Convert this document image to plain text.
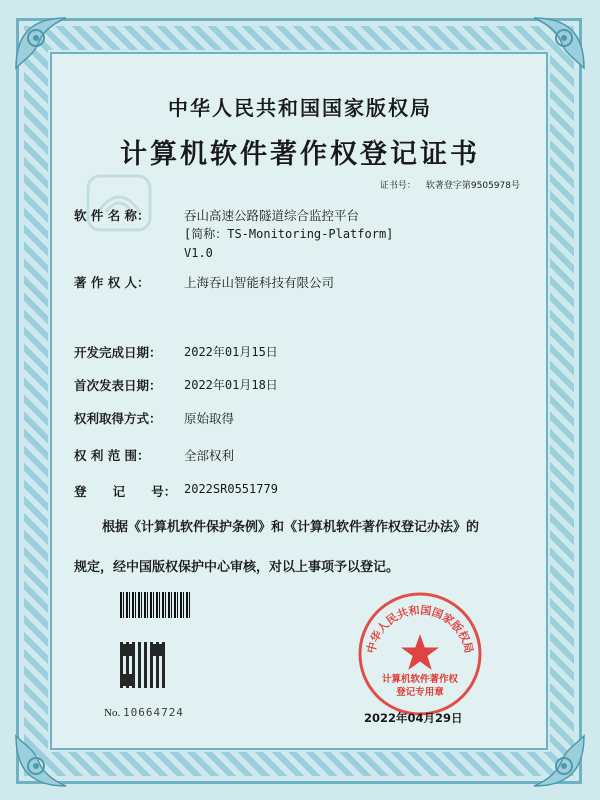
中华人民共和国国家版权局
计算机软件著作权登记证书
证书号： 软著登字第9505978号
软 件 名 称：	吞山高速公路隧道综合监控平台
[简称：TS-Monitoring-Platform]
V1.0
著 作 权 人：	上海吞山智能科技有限公司
开发完成日期： 2022年01月15日
首次发表日期： 2022年01月18日
权利取得方式： 原始取得
权 利 范 围：	全部权利
登      记      号： 2022SR0551779
根据《计算机软件保护条例》和《计算机软件著作权登记办法》的
规定，经中国版权保护中心审核，对以上事项予以登记。
No. 10664724
中华人民共和国国家版权局
计算机软件著作权
登记专用章
2022年04月29日
